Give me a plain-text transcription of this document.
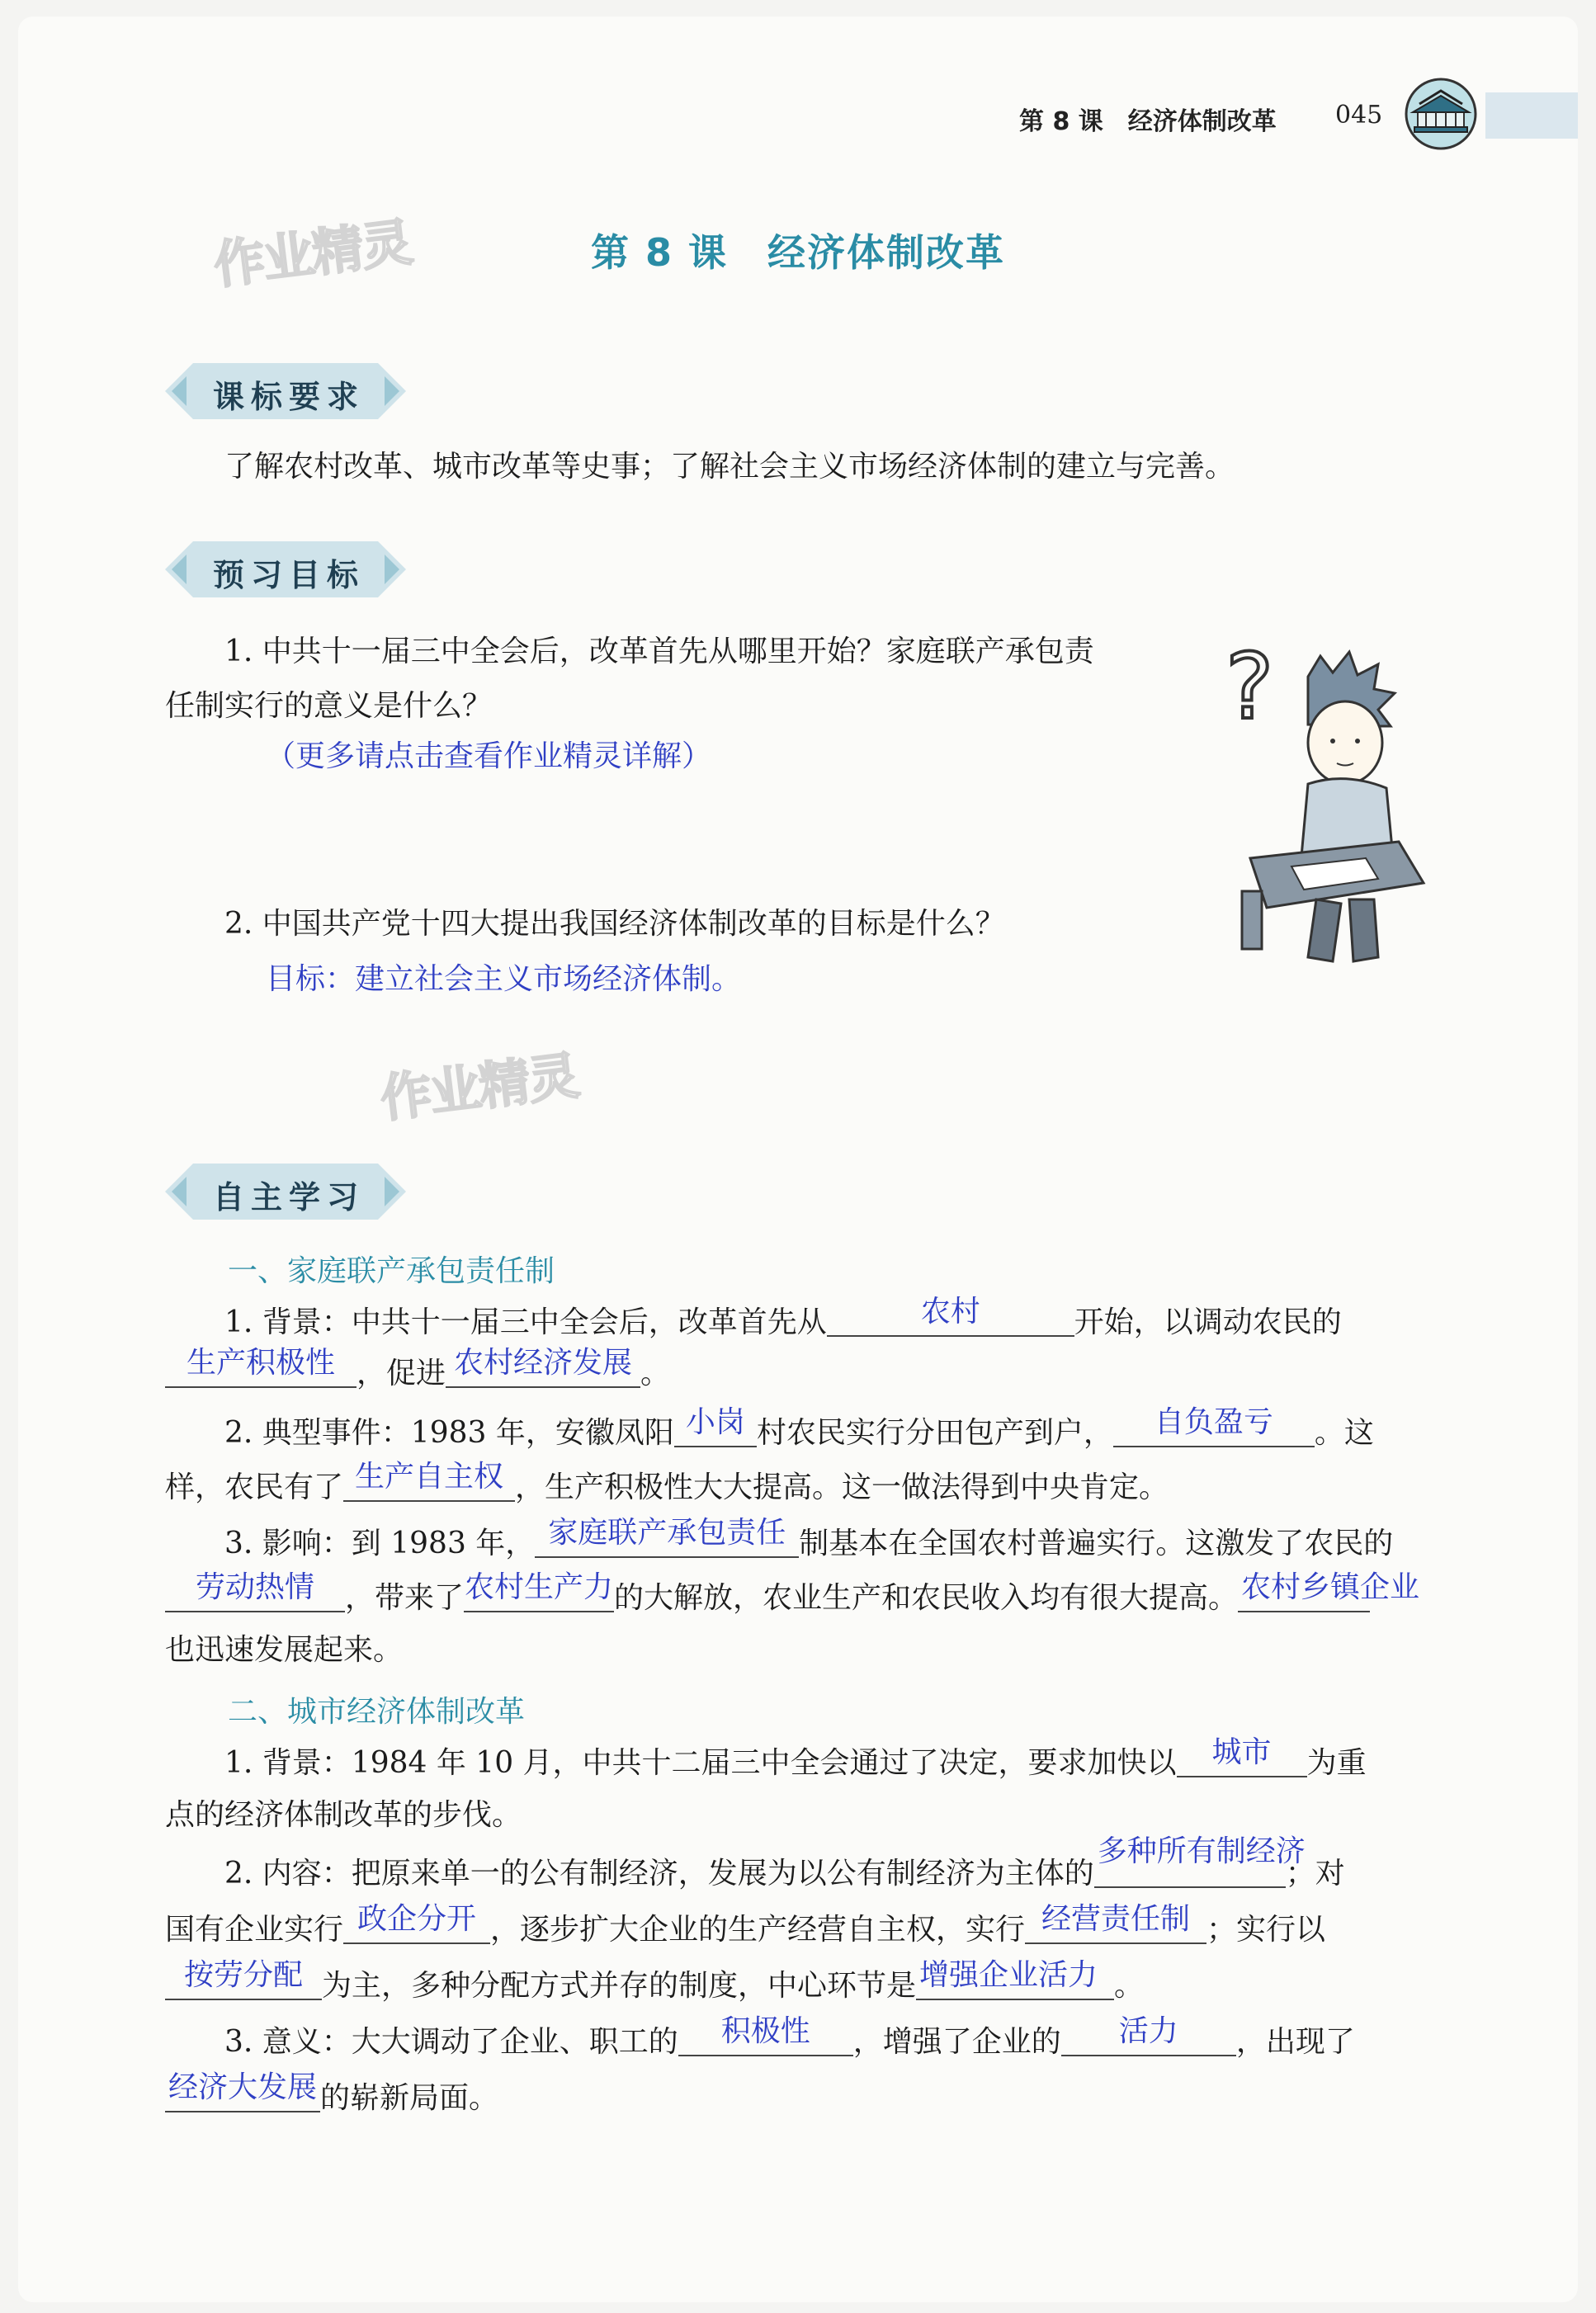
第 8 课 经济体制改革 045
作业精灵
作业精灵
第 8 课 经济体制改革
课标要求
了解农村改革、城市改革等史事；了解社会主义市场经济体制的建立与完善。
预习目标
1. 中共十一届三中全会后，改革首先从哪里开始？家庭联产承包责
任制实行的意义是什么？
（更多请点击查看作业精灵详解）
2. 中国共产党十四大提出我国经济体制改革的目标是什么？
目标：建立社会主义市场经济体制。
?
自主学习
一、家庭联产承包责任制
1. 背景：中共十一届三中全会后，改革首先从	农村	开始，以调动农民的
生产积极性 ，促进 农村经济发展 。
2. 典型事件：1983 年，安徽凤阳 小岗 村农民实行分田包产到户， 自负盈亏 。这
样，农民有了 生产自主权 ，生产积极性大大提高。这一做法得到中央肯定。
3. 影响：到 1983 年， 家庭联产承包责任 制基本在全国农村普遍实行。这激发了农民的
劳动热情 ，带来了 农村生产力 的大解放，农业生产和农民收入均有很大提高。 农村乡镇企业
也迅速发展起来。
二、城市经济体制改革
1. 背景：1984 年 10 月，中共十二届三中全会通过了决定，要求加快以 城市 为重
点的经济体制改革的步伐。
2. 内容：把原来单一的公有制经济，发展为以公有制经济为主体的
多种所有制经济
；对
国有企业实行 政企分开 ，逐步扩大企业的生产经营自主权，实行 经营责任制 ；实行以
按劳分配 为主，多种分配方式并存的制度，中心环节是 增强企业活力 。
3. 意义：大大调动了企业、职工的 积极性 ，增强了企业的 活力 ，出现了
经济大发展 的崭新局面。
